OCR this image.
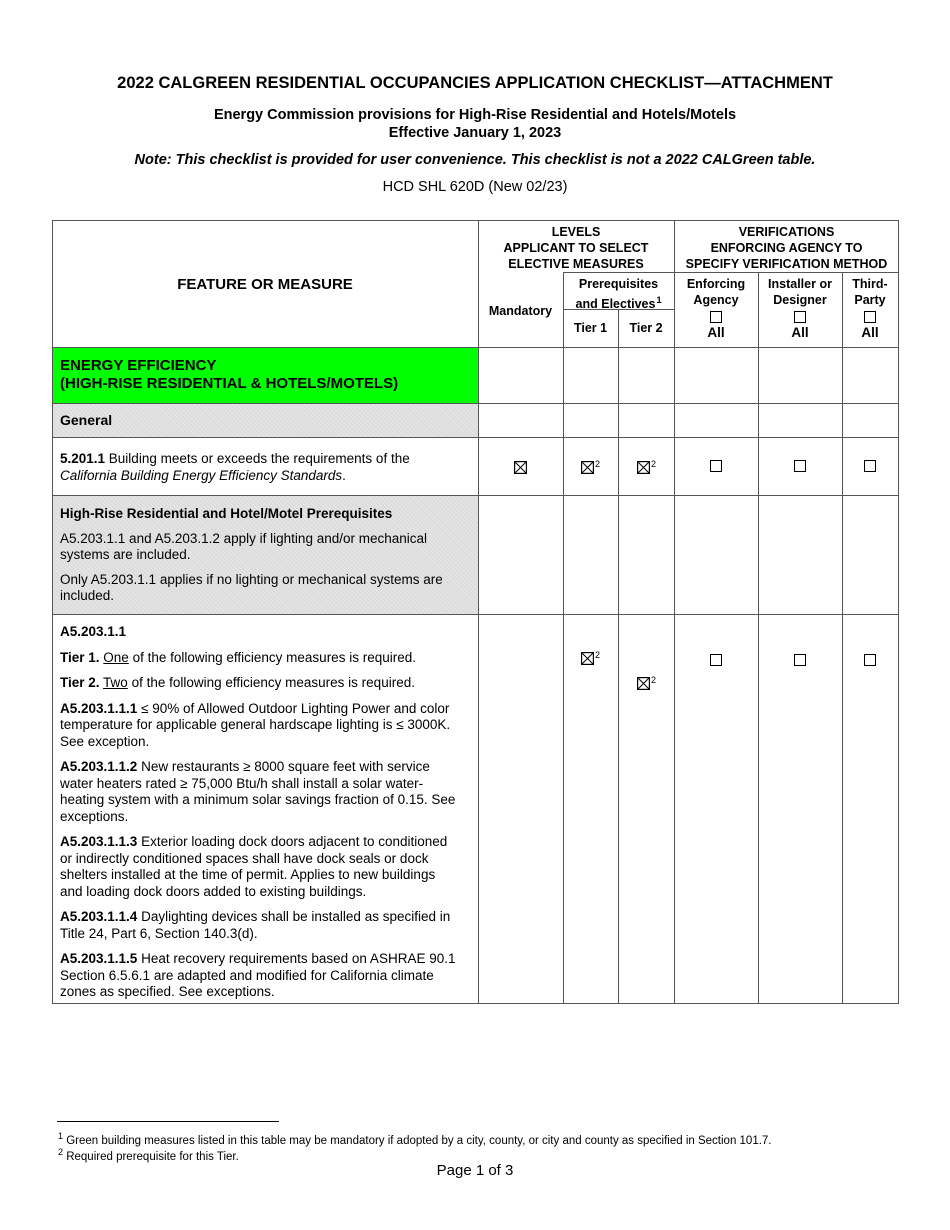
2022 CALGREEN RESIDENTIAL OCCUPANCIES APPLICATION CHECKLIST—ATTACHMENT
Energy Commission provisions for High-Rise Residential and Hotels/Motels
Effective January 1, 2023
Note: This checklist is provided for user convenience. This checklist is not a 2022 CALGreen table.
HCD SHL 620D (New 02/23)
FEATURE OR MEASURE
LEVELS
APPLICANT TO SELECT
ELECTIVE MEASURES
VERIFICATIONS
ENFORCING AGENCY TO
SPECIFY VERIFICATION METHOD
Mandatory
Prerequisites
and Electives$^1$
Tier 1	Tier 2
Enforcing
Agency
All
Installer or
Designer
All
Third-
Party
All
ENERGY EFFICIENCY
(HIGH-RISE RESIDENTIAL & HOTELS/MOTELS)
General
5.201.1 Building meets or exceeds the requirements of the
California Building Energy Efficiency Standards.
$^2$	$^2$
High-Rise Residential and Hotel/Motel Prerequisites
A5.203.1.1 and A5.203.1.2 apply if lighting and/or mechanical
systems are included.
Only A5.203.1.1 applies if no lighting or mechanical systems are
included.
A5.203.1.1
Tier 1. One of the following efficiency measures is required.
Tier 2. Two of the following efficiency measures is required.
A5.203.1.1.1 ≤ 90% of Allowed Outdoor Lighting Power and color
temperature for applicable general hardscape lighting is ≤ 3000K.
See exception.
A5.203.1.1.2 New restaurants ≥ 8000 square feet with service
water heaters rated ≥ 75,000 Btu/h shall install a solar water-
heating system with a minimum solar savings fraction of 0.15. See
exceptions.
A5.203.1.1.3 Exterior loading dock doors adjacent to conditioned
or indirectly conditioned spaces shall have dock seals or dock
shelters installed at the time of permit. Applies to new buildings
and loading dock doors added to existing buildings.
A5.203.1.1.4 Daylighting devices shall be installed as specified in
Title 24, Part 6, Section 140.3(d).
A5.203.1.1.5 Heat recovery requirements based on ASHRAE 90.1
Section 6.5.6.1 are adapted and modified for California climate
zones as specified. See exceptions.
$^2$
$^2$
$^1$ Green building measures listed in this table may be mandatory if adopted by a city, county, or city and county as specified in Section 101.7.
$^2$ Required prerequisite for this Tier.
Page 1 of 3
